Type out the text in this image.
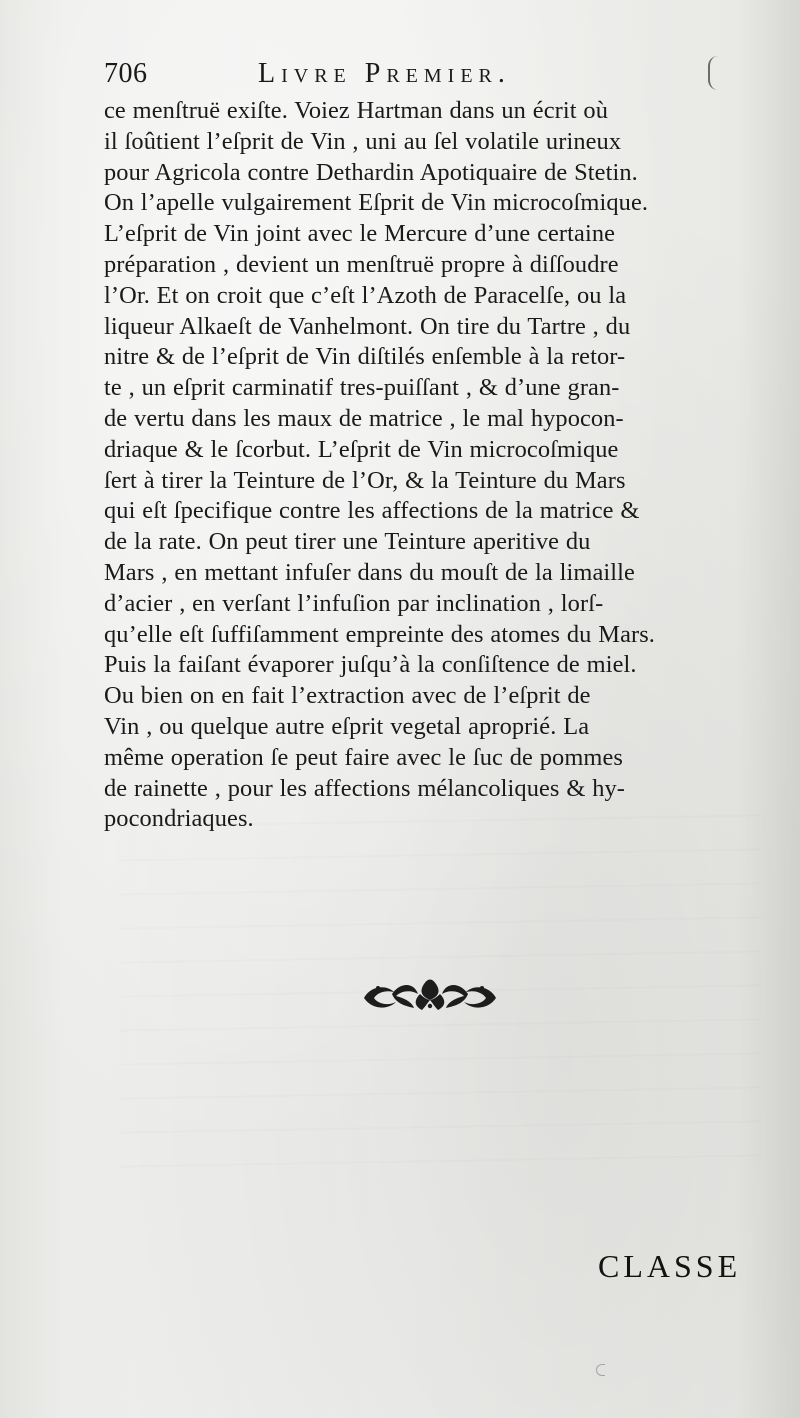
706	Livre Premier.
ce menſtruë exiſte. Voiez Hartman dans un écrit où
il ſoûtient l’eſprit de Vin , uni au ſel volatile urineux
pour Agricola contre Dethardin Apotiquaire de Stetin.
On l’apelle vulgairement Eſprit de Vin microcoſmique.
L’eſprit de Vin joint avec le Mercure d’une certaine
préparation , devient un menſtruë propre à diſſoudre
l’Or. Et on croit que c’eſt l’Azoth de Paracelſe, ou la
liqueur Alkaeſt de Vanhelmont. On tire du Tartre , du
nitre & de l’eſprit de Vin diſtilés enſemble à la retor-
te , un eſprit carminatif tres-puiſſant , & d’une gran-
de vertu dans les maux de matrice , le mal hypocon-
driaque & le ſcorbut. L’eſprit de Vin microcoſmique
ſert à tirer la Teinture de l’Or, & la Teinture du Mars
qui eſt ſpecifique contre les affections de la matrice &
de la rate. On peut tirer une Teinture aperitive du
Mars , en mettant infuſer dans du mouſt de la limaille
d’acier , en verſant l’infuſion par inclination , lorſ-
qu’elle eſt ſuffiſamment empreinte des atomes du Mars.
Puis la faiſant évaporer juſqu’à la conſiſtence de miel.
Ou bien on en fait l’extraction avec de l’eſprit de
Vin , ou quelque autre eſprit vegetal aproprié. La
même operation ſe peut faire avec le ſuc de pommes
de rainette , pour les affections mélancoliques & hy-
pocondriaques.
CLASSE
